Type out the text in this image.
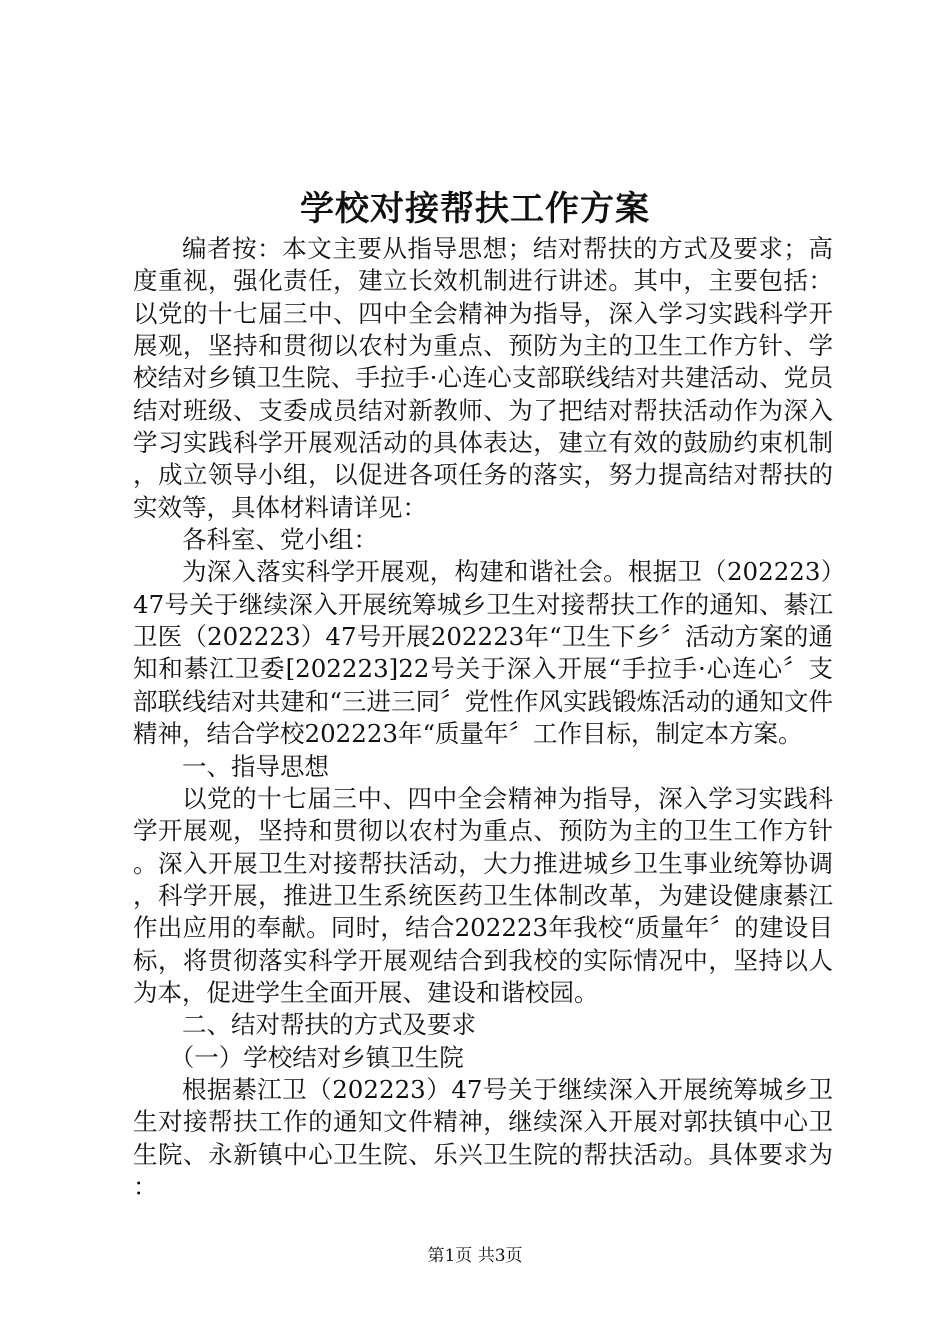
学校对接帮扶工作方案

编者按：本文主要从指导思想；结对帮扶的方式及要求；高度重视，强化责任，建立长效机制进行讲述。其中，主要包括：以党的十七届三中、四中全会精神为指导，深入学习实践科学开展观，坚持和贯彻以农村为重点、预防为主的卫生工作方针、学校结对乡镇卫生院、手拉手·心连心支部联线结对共建活动、党员结对班级、支委成员结对新教师、为了把结对帮扶活动作为深入学习实践科学开展观活动的具体表达，建立有效的鼓励约束机制，成立领导小组，以促进各项任务的落实，努力提高结对帮扶的实效等，具体材料请详见：

各科室、党小组：

为深入落实科学开展观，构建和谐社会。根据卫（202223）47号关于继续深入开展统筹城乡卫生对接帮扶工作的通知、綦江卫医（202223）47号开展202223年“卫生下乡〞活动方案的通知和綦江卫委[202223]22号关于深入开展“手拉手·心连心〞支部联线结对共建和“三进三同〞党性作风实践锻炼活动的通知文件精神，结合学校202223年“质量年〞工作目标，制定本方案。

一、指导思想

以党的十七届三中、四中全会精神为指导，深入学习实践科学开展观，坚持和贯彻以农村为重点、预防为主的卫生工作方针。深入开展卫生对接帮扶活动，大力推进城乡卫生事业统筹协调，科学开展，推进卫生系统医药卫生体制改革，为建设健康綦江作出应用的奉献。同时，结合202223年我校“质量年〞的建设目标，将贯彻落实科学开展观结合到我校的实际情况中，坚持以人为本，促进学生全面开展、建设和谐校园。

二、结对帮扶的方式及要求

（一）学校结对乡镇卫生院

根据綦江卫（202223）47号关于继续深入开展统筹城乡卫生对接帮扶工作的通知文件精神，继续深入开展对郭扶镇中心卫生院、永新镇中心卫生院、乐兴卫生院的帮扶活动。具体要求为：

第1页 共3页
